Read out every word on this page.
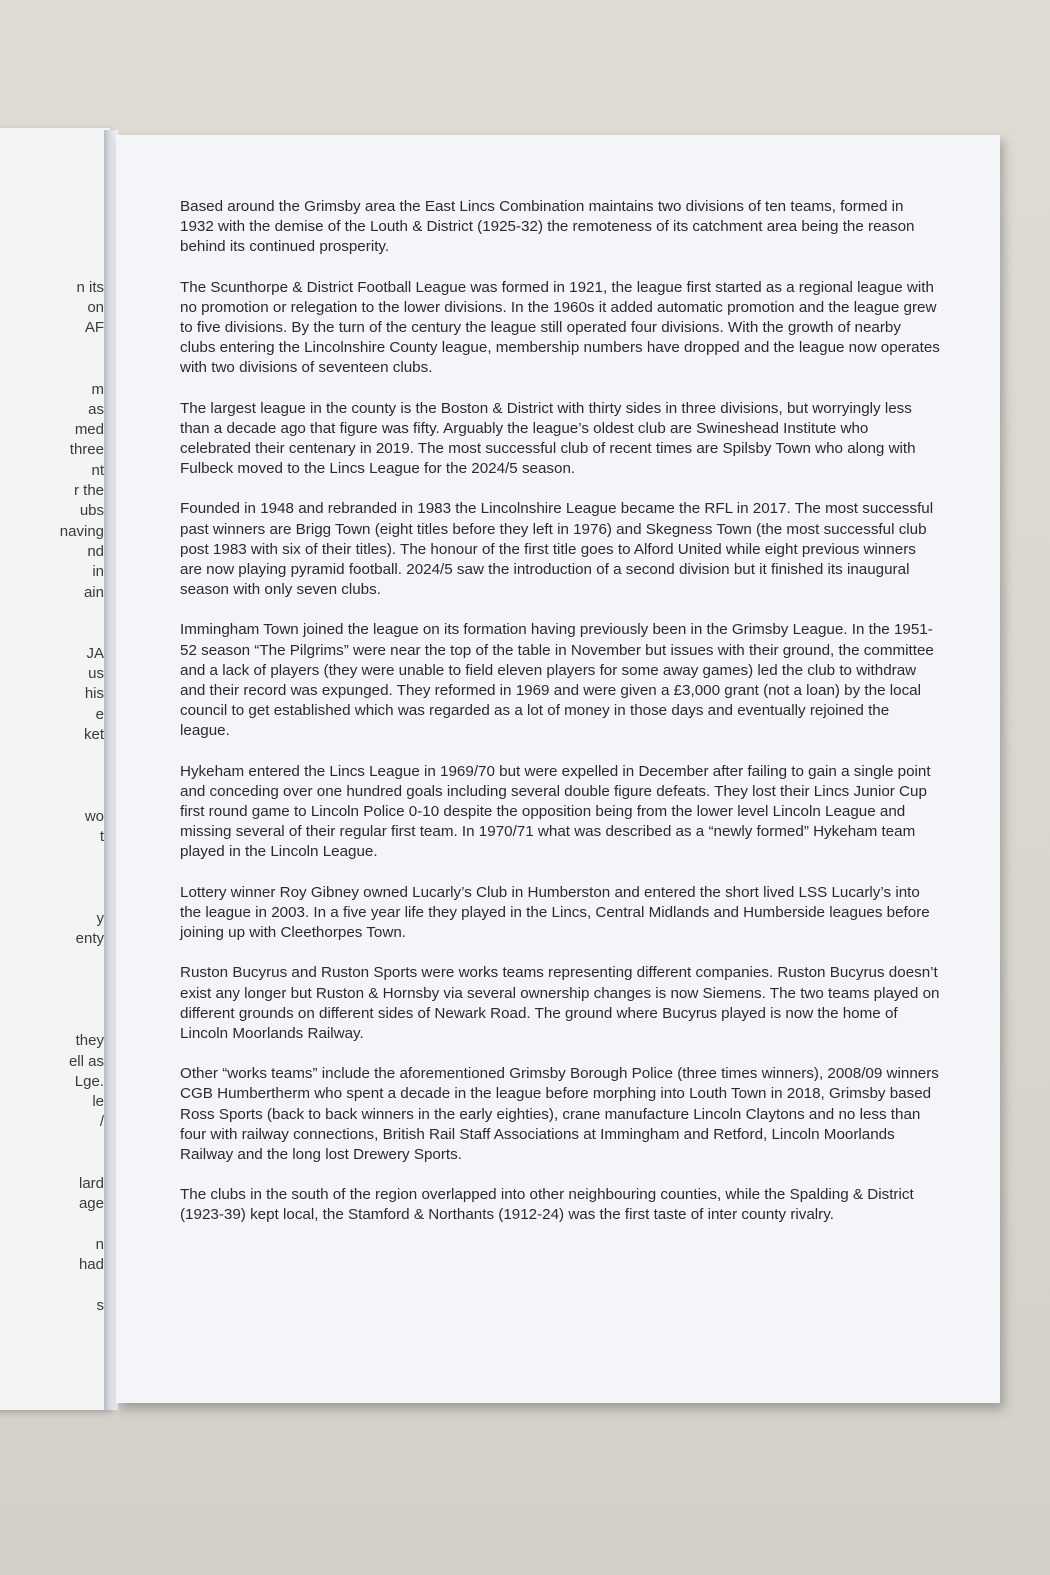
n its
on
AF
m
as
med
three
nt
r the
ubs
naving
nd
in
ain
JA
us
his
e
ket
wo
t
y
enty
they
ell as
Lge.
le
/
lard
age
n
had
s

Based around the Grimsby area the East Lincs Combination maintains two divisions of ten teams, formed in 1932 with the demise of the Louth & District (1925-32) the remoteness of its catchment area being the reason behind its continued prosperity.

The Scunthorpe & District Football League was formed in 1921, the league first started as a regional league with no promotion or relegation to the lower divisions. In the 1960s it added automatic promotion and the league grew to five divisions. By the turn of the century the league still operated four divisions. With the growth of nearby clubs entering the Lincolnshire County league, membership numbers have dropped and the league now operates with two divisions of seventeen clubs.

The largest league in the county is the Boston & District with thirty sides in three divisions, but worryingly less than a decade ago that figure was fifty. Arguably the league’s oldest club are Swineshead Institute who celebrated their centenary in 2019. The most successful club of recent times are Spilsby Town who along with Fulbeck moved to the Lincs League for the 2024/5 season.

Founded in 1948 and rebranded in 1983 the Lincolnshire League became the RFL in 2017. The most successful past winners are Brigg Town (eight titles before they left in 1976) and Skegness Town (the most successful club post 1983 with six of their titles). The honour of the first title goes to Alford United while eight previous winners are now playing pyramid football. 2024/5 saw the introduction of a second division but it finished its inaugural season with only seven clubs.

Immingham Town joined the league on its formation having previously been in the Grimsby League. In the 1951-52 season “The Pilgrims” were near the top of the table in November but issues with their ground, the committee and a lack of players (they were unable to field eleven players for some away games) led the club to withdraw and their record was expunged. They reformed in 1969 and were given a £3,000 grant (not a loan) by the local council to get established which was regarded as a lot of money in those days and eventually rejoined the league.

Hykeham entered the Lincs League in 1969/70 but were expelled in December after failing to gain a single point and conceding over one hundred goals including several double figure defeats. They lost their Lincs Junior Cup first round game to Lincoln Police 0-10 despite the opposition being from the lower level Lincoln League and missing several of their regular first team. In 1970/71 what was described as a “newly formed” Hykeham team played in the Lincoln League.

Lottery winner Roy Gibney owned Lucarly’s Club in Humberston and entered the short lived LSS Lucarly’s into the league in 2003. In a five year life they played in the Lincs, Central Midlands and Humberside leagues before joining up with Cleethorpes Town.

Ruston Bucyrus and Ruston Sports were works teams representing different companies. Ruston Bucyrus doesn’t exist any longer but Ruston & Hornsby via several ownership changes is now Siemens. The two teams played on different grounds on different sides of Newark Road. The ground where Bucyrus played is now the home of Lincoln Moorlands Railway.

Other “works teams” include the aforementioned Grimsby Borough Police (three times winners), 2008/09 winners CGB Humbertherm who spent a decade in the league before morphing into Louth Town in 2018, Grimsby based Ross Sports (back to back winners in the early eighties), crane manufacture Lincoln Claytons and no less than four with railway connections, British Rail Staff Associations at Immingham and Retford, Lincoln Moorlands Railway and the long lost Drewery Sports.

The clubs in the south of the region overlapped into other neighbouring counties, while the Spalding & District (1923-39) kept local, the Stamford & Northants (1912-24) was the first taste of inter county rivalry.
